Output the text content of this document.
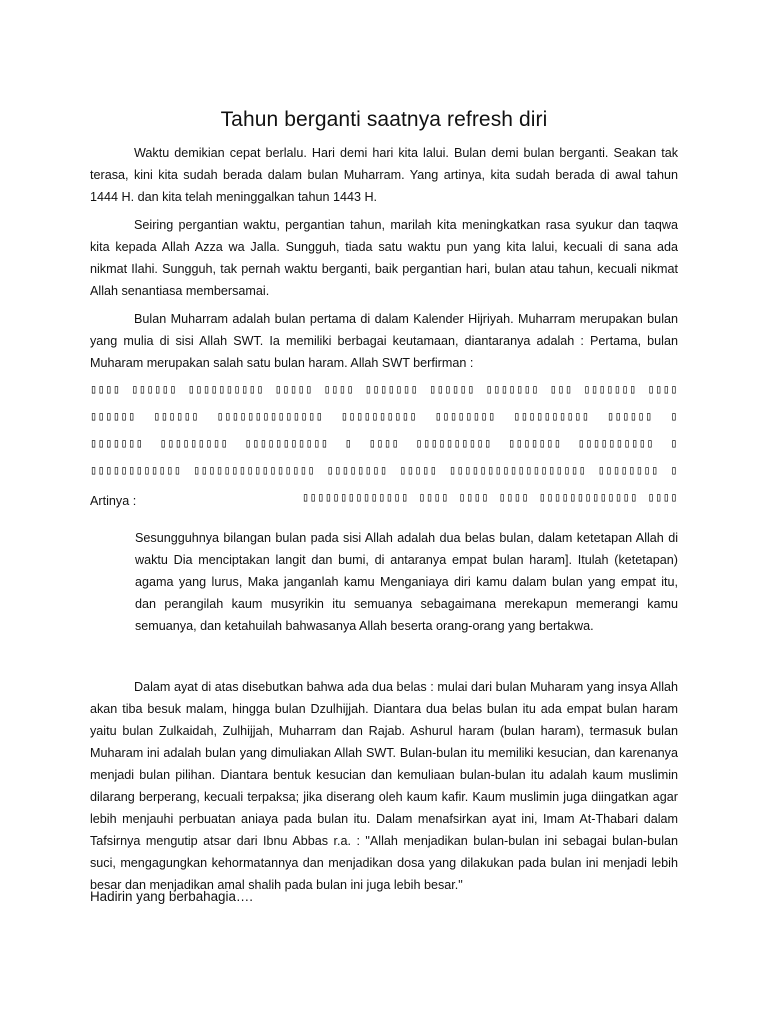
Tahun berganti saatnya refresh diri

Waktu demikian cepat berlalu. Hari demi hari kita lalui. Bulan demi bulan berganti. Seakan tak terasa, kini kita sudah berada dalam bulan Muharram. Yang artinya, kita sudah berada di awal tahun 1444 H. dan kita telah meninggalkan tahun 1443 H.

Seiring pergantian waktu, pergantian tahun, marilah kita meningkatkan rasa syukur dan taqwa kita kepada Allah Azza wa Jalla. Sungguh, tiada satu waktu pun yang kita lalui, kecuali di sana ada nikmat Ilahi. Sungguh, tak pernah waktu berganti, baik pergantian hari, bulan atau tahun, kecuali nikmat Allah senantiasa membersamai.

Bulan Muharram adalah bulan pertama di dalam Kalender Hijriyah. Muharram merupakan bulan yang mulia di sisi Allah SWT. Ia memiliki berbagai keutamaan, diantaranya adalah : Pertama, bulan Muharam merupakan salah satu bulan haram. Allah SWT berfirman :

▯▯▯▯ ▯▯▯▯▯▯ ▯▯▯▯▯▯▯▯▯▯ ▯▯▯▯▯ ▯▯▯▯ ▯▯▯▯▯▯▯ ▯▯▯▯▯▯ ▯▯▯▯▯▯▯ ▯▯▯ ▯▯▯▯▯▯▯ ▯▯▯▯ ▯▯▯▯▯▯ ▯▯▯▯▯▯ ▯▯▯▯▯▯▯▯▯▯▯▯▯▯ ▯▯▯▯▯▯▯▯▯▯ ▯▯▯▯▯▯▯▯ ▯▯▯▯▯▯▯▯▯▯ ▯▯▯▯▯▯ ▯ ▯▯▯▯▯▯▯ ▯▯▯▯▯▯▯▯▯ ▯▯▯▯▯▯▯▯▯▯▯ ▯ ▯▯▯▯ ▯▯▯▯▯▯▯▯▯▯ ▯▯▯▯▯▯▯ ▯▯▯▯▯▯▯▯▯▯ ▯ ▯▯▯▯▯▯▯▯▯▯▯▯ ▯▯▯▯▯▯▯▯▯▯▯▯▯▯▯▯ ▯▯▯▯▯▯▯▯ ▯▯▯▯▯ ▯▯▯▯▯▯▯▯▯▯▯▯▯▯▯▯▯▯ ▯▯▯▯▯▯▯▯ ▯ ▯▯▯▯▯▯▯▯▯▯▯▯▯▯ ▯▯▯▯ ▯▯▯▯ ▯▯▯▯ ▯▯▯▯▯▯▯▯▯▯▯▯▯ ▯▯▯▯
Artinya :

Sesungguhnya bilangan bulan pada sisi Allah adalah dua belas bulan, dalam ketetapan Allah di waktu Dia menciptakan langit dan bumi, di antaranya empat bulan haram]. Itulah (ketetapan) agama yang lurus, Maka janganlah kamu Menganiaya diri kamu dalam bulan yang empat itu, dan perangilah kaum musyrikin itu semuanya sebagaimana merekapun memerangi kamu semuanya, dan ketahuilah bahwasanya Allah beserta orang-orang yang bertakwa.

Dalam ayat di atas disebutkan bahwa ada dua belas : mulai dari bulan Muharam yang insya Allah akan tiba besuk malam, hingga bulan Dzulhijjah. Diantara dua belas bulan itu ada empat bulan haram yaitu bulan Zulkaidah, Zulhijjah, Muharram dan Rajab. Ashurul haram (bulan haram), termasuk bulan Muharam ini adalah bulan yang dimuliakan Allah SWT. Bulan-bulan itu memiliki kesucian, dan karenanya menjadi bulan pilihan. Diantara bentuk kesucian dan kemuliaan bulan-bulan itu adalah kaum muslimin dilarang berperang, kecuali terpaksa; jika diserang oleh kaum kafir. Kaum muslimin juga diingatkan agar lebih menjauhi perbuatan aniaya pada bulan itu. Dalam menafsirkan ayat ini, Imam At-Thabari dalam Tafsirnya mengutip atsar dari Ibnu Abbas r.a. : "Allah menjadikan bulan-bulan ini sebagai bulan-bulan suci, mengagungkan kehormatannya dan menjadikan dosa yang dilakukan pada bulan ini menjadi lebih besar dan menjadikan amal shalih pada bulan ini juga lebih besar."

Hadirin yang berbahagia….
